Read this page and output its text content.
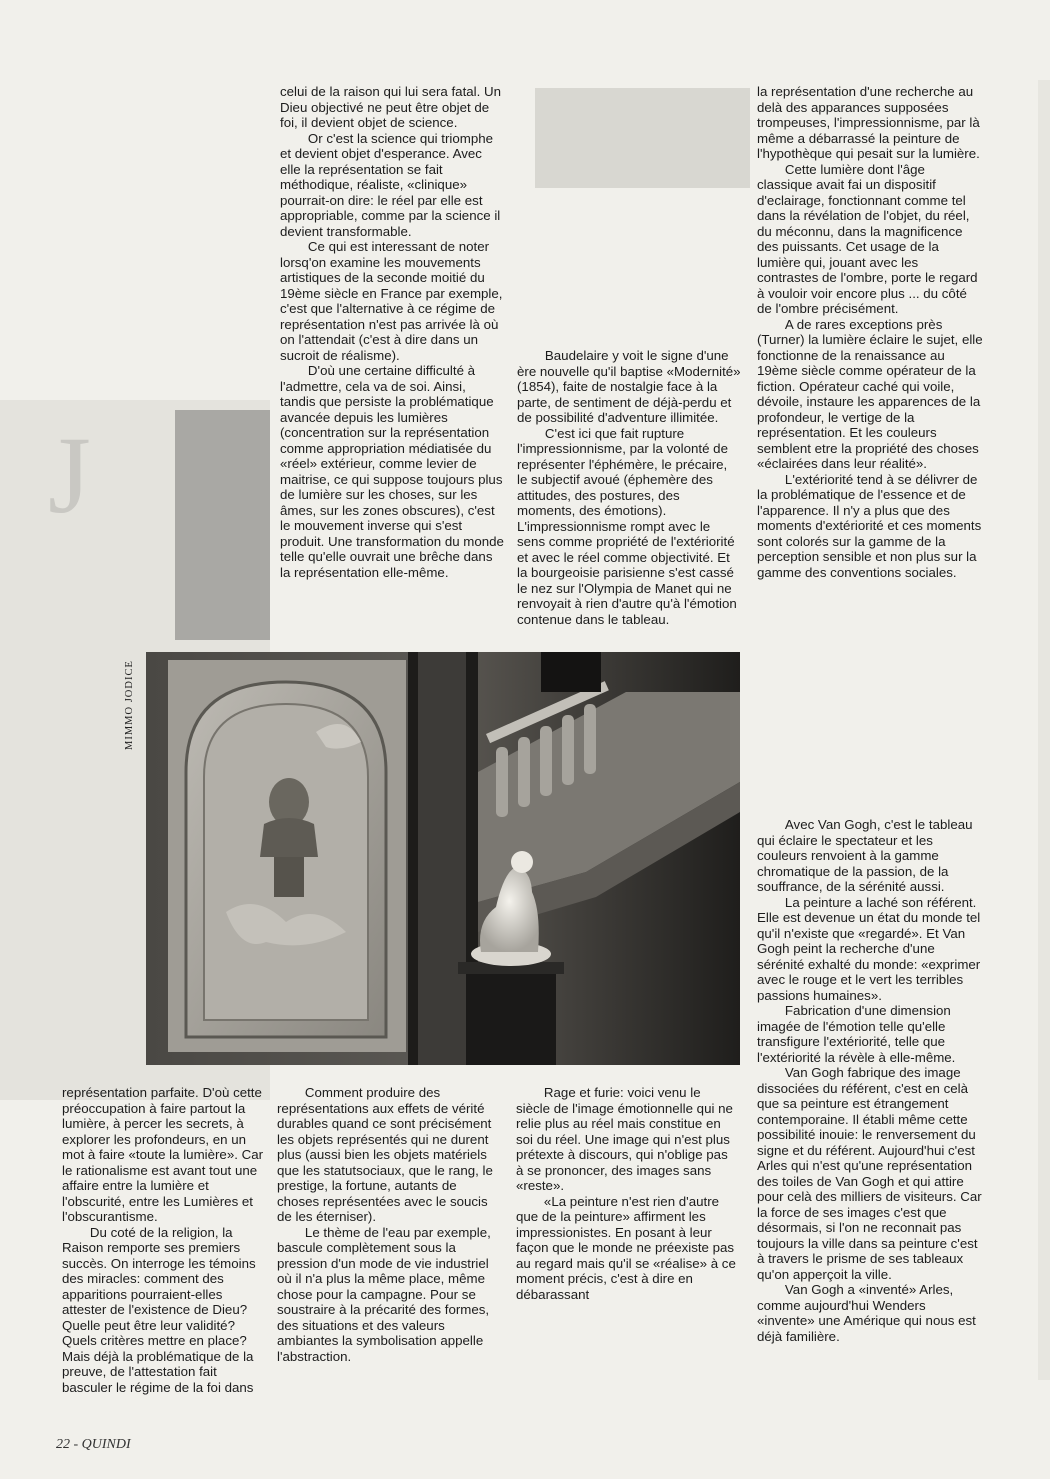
J

celui de la raison qui lui sera fatal. Un Dieu objectivé ne peut être objet de foi, il devient objet de science.

Or c'est la science qui triomphe et devient objet d'esperance. Avec elle la représentation se fait méthodique, réaliste, «clinique» pourrait-on dire: le réel par elle est appropriable, comme par la science il devient transformable.

Ce qui est interessant de noter lorsq'on examine les mouvements artistiques de la seconde moitié du 19ème siècle en France par exemple, c'est que l'alternative à ce régime de représentation n'est pas arrivée là où on l'attendait (c'est à dire dans un sucroit de réalisme).

D'où une certaine difficulté à l'admettre, cela va de soi. Ainsi, tandis que persiste la problématique avancée depuis les lumières (concentration sur la représentation comme appropriation médiatisée du «réel» extérieur, comme levier de maitrise, ce qui suppose toujours plus de lumière sur les choses, sur les âmes, sur les zones obscures), c'est le mouvement inverse qui s'est produit. Une transformation du monde telle qu'elle ouvrait une brêche dans la représentation elle-même.

Baudelaire y voit le signe d'une ère nouvelle qu'il baptise «Modernité» (1854), faite de nostalgie face à la parte, de sentiment de déjà-perdu et de possibilité d'adventure illimitée.

C'est ici que fait rupture l'impressionnisme, par la volonté de représenter l'éphémère, le précaire, le subjectif avoué (éphemère des attitudes, des postures, des moments, des émotions). L'impressionnisme rompt avec le sens comme propriété de l'extériorité et avec le réel comme objectivité. Et la bourgeoisie parisienne s'est cassé le nez sur l'Olympia de Manet qui ne renvoyait à rien d'autre qu'à l'émotion contenue dans le tableau.

la représentation d'une recherche au delà des apparances supposées trompeuses, l'impressionnisme, par là même a débarrassé la peinture de l'hypothèque qui pesait sur la lumière.

Cette lumière dont l'âge classique avait fai un dispositif d'eclairage, fonctionnant comme tel dans la révélation de l'objet, du réel, du méconnu, dans la magnificence des puissants. Cet usage de la lumière qui, jouant avec les contrastes de l'ombre, porte le regard à vouloir voir encore plus ... du côté de l'ombre précisément.

A de rares exceptions près (Turner) la lumière éclaire le sujet, elle fonctionne de la renaissance au 19ème siècle comme opérateur de la fiction. Opérateur caché qui voile, dévoile, instaure les apparences de la profondeur, le vertige de la représentation. Et les couleurs semblent etre la propriété des choses «éclairées dans leur réalité».

L'extériorité tend à se délivrer de la problématique de l'essence et de l'apparence. Il n'y a plus que des moments d'extériorité et ces moments sont colorés sur la gamme de la perception sensible et non plus sur la gamme des conventions sociales.

MIMMO JODICE

représentation parfaite. D'où cette préoccupation à faire partout la lumière, à percer les secrets, à explorer les profondeurs, en un mot à faire «toute la lumière». Car le rationalisme est avant tout une affaire entre la lumière et l'obscurité, entre les Lumières et l'obscurantisme.

Du coté de la religion, la Raison remporte ses premiers succès. On interroge les témoins des miracles: comment des apparitions pourraient-elles attester de l'existence de Dieu? Quelle peut être leur validité? Quels critères mettre en place? Mais déjà la problématique de la preuve, de l'attestation fait basculer le régime de la foi dans

Comment produire des représentations aux effets de vérité durables quand ce sont précisément les objets représentés qui ne durent plus (aussi bien les objets matériels que les statutsociaux, que le rang, le prestige, la fortune, autants de choses représentées avec le soucis de les éterniser).

Le thème de l'eau par exemple, bascule complètement sous la pression d'un mode de vie industriel où il n'a plus la même place, même chose pour la campagne. Pour se soustraire à la précarité des formes, des situations et des valeurs ambiantes la symbolisation appelle l'abstraction.

Rage et furie: voici venu le siècle de l'image émotionnelle qui ne relie plus au réel mais constitue en soi du réel. Une image qui n'est plus prétexte à discours, qui n'oblige pas à se prononcer, des images sans «reste».

«La peinture n'est rien d'autre que de la peinture» affirment les impressionistes. En posant à leur façon que le monde ne préexiste pas au regard mais qu'il se «réalise» à ce moment précis, c'est à dire en débarassant

Avec Van Gogh, c'est le tableau qui éclaire le spectateur et les couleurs renvoient à la gamme chromatique de la passion, de la souffrance, de la sérénité aussi.

La peinture a laché son référent. Elle est devenue un état du monde tel qu'il n'existe que «regardé». Et Van Gogh peint la recherche d'une sérénité exhalté du monde: «exprimer avec le rouge et le vert les terribles passions humaines».

Fabrication d'une dimension imagée de l'émotion telle qu'elle transfigure l'extériorité, telle que l'extériorité la révèle à elle-même.

Van Gogh fabrique des image dissociées du référent, c'est en celà que sa peinture est étrangement contemporaine. Il établi même cette possibilité inouie: le renversement du signe et du référent. Aujourd'hui c'est Arles qui n'est qu'une représentation des toiles de Van Gogh et qui attire pour celà des milliers de visiteurs. Car la force de ses images c'est que désormais, si l'on ne reconnait pas toujours la ville dans sa peinture c'est à travers le prisme de ses tableaux qu'on apperçoit la ville.

Van Gogh a «inventé» Arles, comme aujourd'hui Wenders «invente» une Amérique qui nous est déjà familière.

22 - QUINDI
